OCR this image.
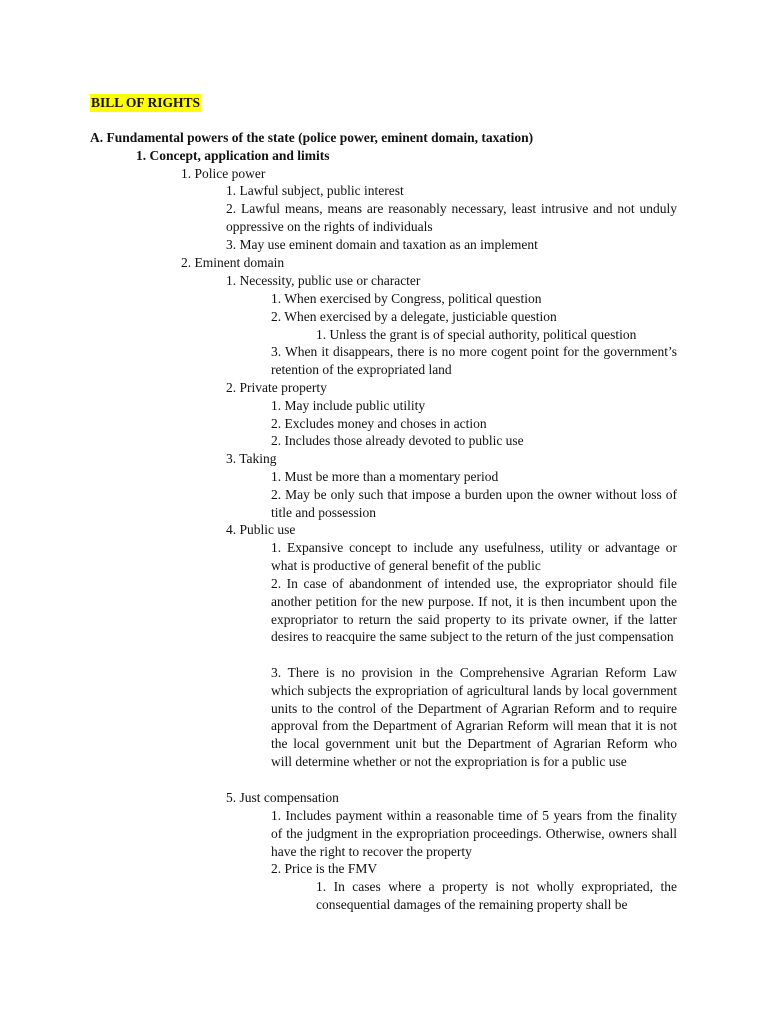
BILL OF RIGHTS
A. Fundamental powers of the state (police power, eminent domain, taxation)
1. Concept, application and limits
1. Police power
1. Lawful subject, public interest
2. Lawful means, means are reasonably necessary, least intrusive and not unduly oppressive on the rights of individuals
3. May use eminent domain and taxation as an implement
2. Eminent domain
1. Necessity, public use or character
1. When exercised by Congress, political question
2. When exercised by a delegate, justiciable question
1. Unless the grant is of special authority, political question
3. When it disappears, there is no more cogent point for the government’s retention of the expropriated land
2. Private property
1. May include public utility
2. Excludes money and choses in action
2. Includes those already devoted to public use
3. Taking
1. Must be more than a momentary period
2. May be only such that impose a burden upon the owner without loss of title and possession
4. Public use
1. Expansive concept to include any usefulness, utility or advantage or what is productive of general benefit of the public
2. In case of abandonment of intended use, the expropriator should file another petition for the new purpose. If not, it is then incumbent upon the expropriator to return the said property to its private owner, if the latter desires to reacquire the same subject to the return of the just compensation
3. There is no provision in the Comprehensive Agrarian Reform Law which subjects the expropriation of agricultural lands by local government units to the control of the Department of Agrarian Reform and to require approval from the Department of Agrarian Reform will mean that it is not the local government unit but the Department of Agrarian Reform who will determine whether or not the expropriation is for a public use
5. Just compensation
1. Includes payment within a reasonable time of 5 years from the finality of the judgment in the expropriation proceedings. Otherwise, owners shall have the right to recover the property
2. Price is the FMV
1. In cases where a property is not wholly expropriated, the consequential damages of the remaining property shall be
